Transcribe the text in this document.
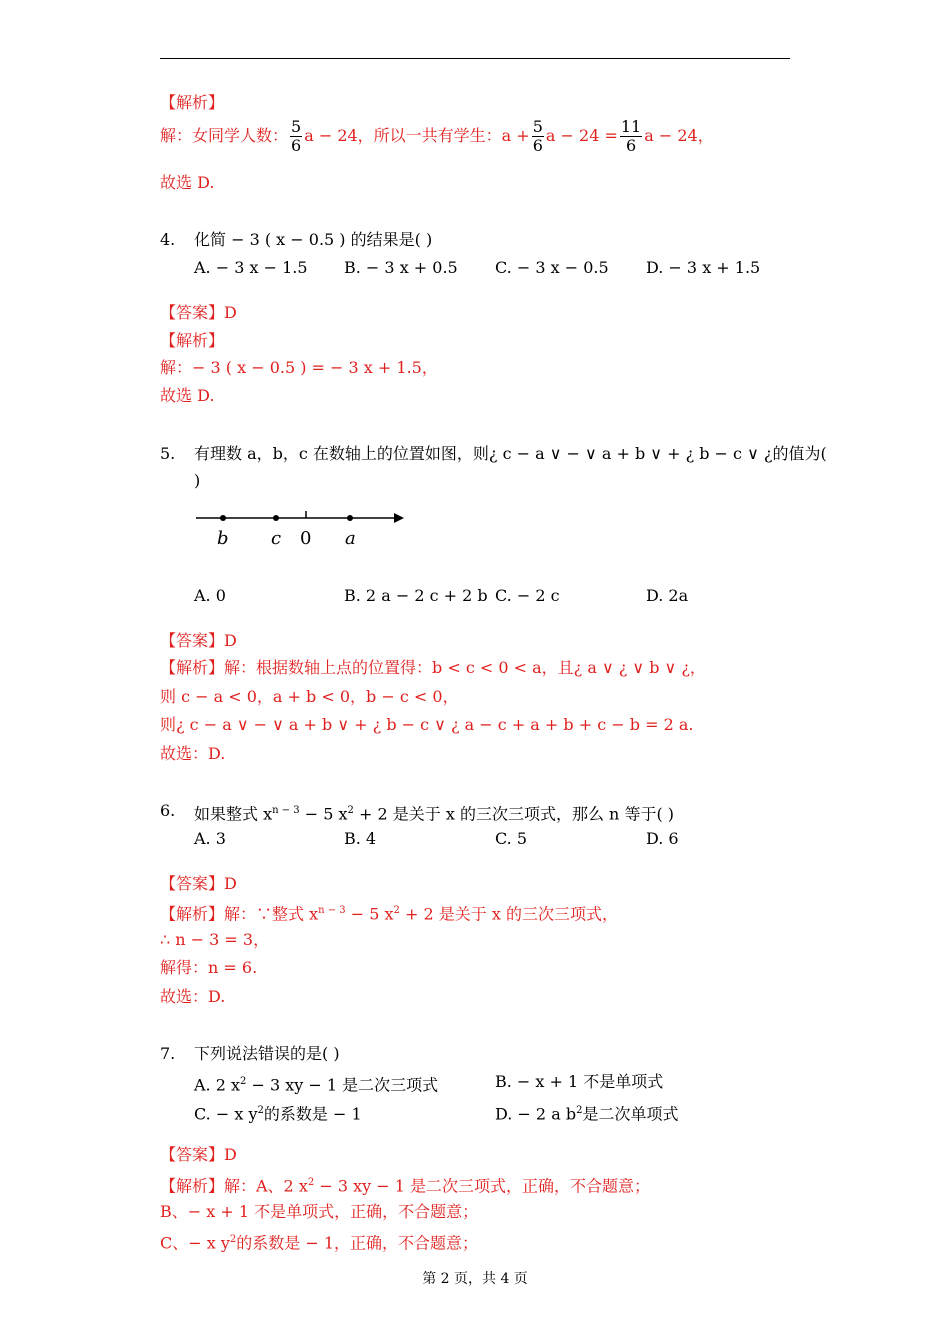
【解析】
解：女同学人数： $\frac{5}{6}$ a − 24，所以一共有学生：$a + \frac{5}{6}$ $a - 24 = \frac{11}{6}$ a − 24，
故选 D.
4. 化简 − 3 ( x − 0.5 ) 的结果是( )
A. − 3 x − 1.5 B. − 3 x + 0.5 C. − 3 x − 0.5 D. − 3 x + 1.5
【答案】D
【解析】
解：− 3 ( x − 0.5 ) = − 3 x + 1.5，
故选 D.
5. 有理数 a，b，c 在数轴上的位置如图，则¿ c − a ∨ − ∨ a + b ∨ + ¿ b − c ∨ ¿的值为(
)
b c 0 a
A. 0	B. 2 a − 2 c + 2 b C. − 2 c	D. 2a
【答案】D
【解析】解：根据数轴上点的位置得：b < c < 0 < a，且¿ a ∨ ¿ ∨ b ∨ ¿，
则 c − a < 0，a + b < 0，b − c < 0，
则¿ c − a ∨ − ∨ a + b ∨ + ¿ b − c ∨ ¿ a − c + a + b + c − b = 2 a.
故选：D.
6. 如果整式 $x^{n - 3} - 5$ $x^2 + 2$ 是关于 x 的三次三项式，那么 n 等于( )
A. 3	B. 4	C. 5	D. 6
【答案】D
【解析】解：∵整式 $x^{n - 3} - 5$ $x^2 + 2$ 是关于 x 的三次三项式，
∴ n − 3 = 3，
解得：n = 6.
故选：D.
7. 下列说法错误的是( )
A. 2 $x^2 - 3$ xy − 1 是二次三项式	B. − x + 1 不是单项式
C. − x $y^2$的系数是 − 1	D. − 2 a $b^2$是二次单项式
【答案】D
【解析】解：A、2 $x^2 - 3$ xy − 1 是二次三项式，正确，不合题意；
B、− x + 1 不是单项式，正确，不合题意；
C、− x $y^2$的系数是 − 1，正确，不合题意；
第 2 页，共 4 页
